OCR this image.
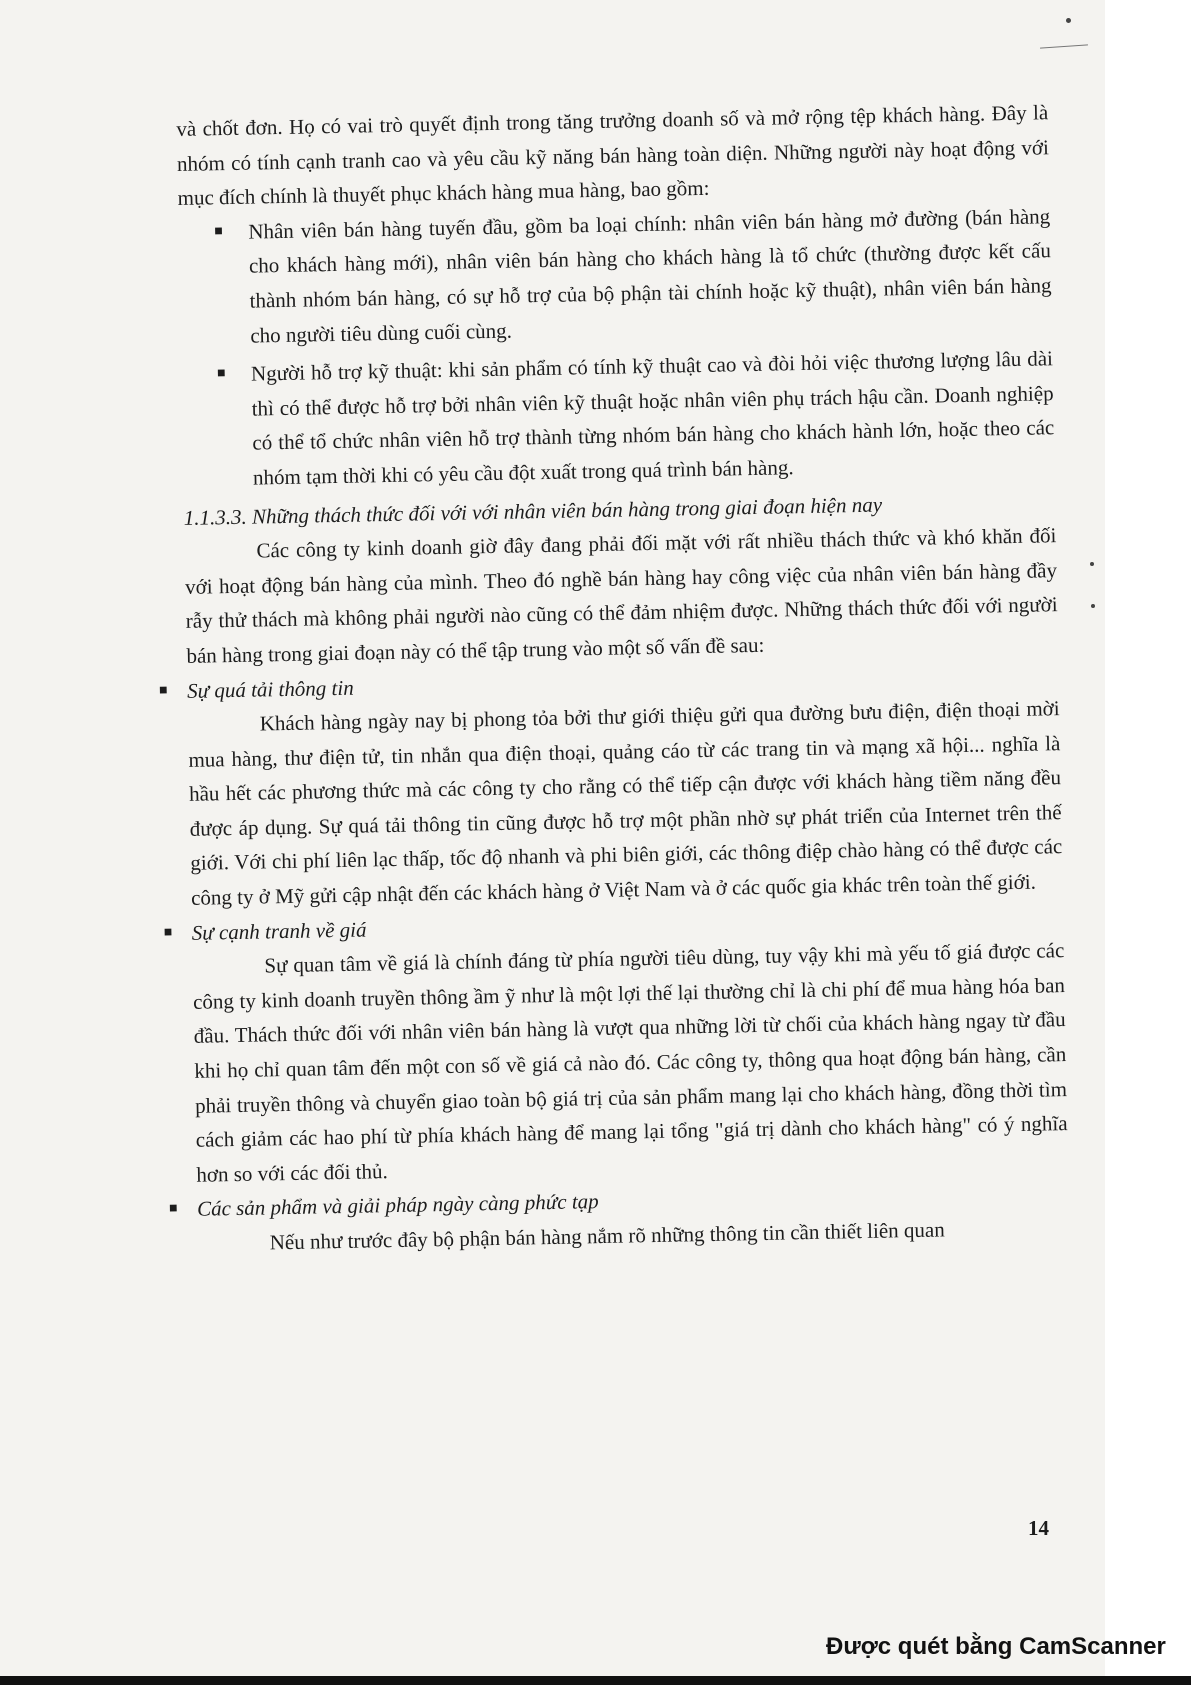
và chốt đơn. Họ có vai trò quyết định trong tăng trưởng doanh số và mở rộng tệp khách hàng. Đây là nhóm có tính cạnh tranh cao và yêu cầu kỹ năng bán hàng toàn diện. Những người này hoạt động với mục đích chính là thuyết phục khách hàng mua hàng, bao gồm:

■ Nhân viên bán hàng tuyến đầu, gồm ba loại chính: nhân viên bán hàng mở đường (bán hàng cho khách hàng mới), nhân viên bán hàng cho khách hàng là tổ chức (thường được kết cấu thành nhóm bán hàng, có sự hỗ trợ của bộ phận tài chính hoặc kỹ thuật), nhân viên bán hàng cho người tiêu dùng cuối cùng.
■ Người hỗ trợ kỹ thuật: khi sản phẩm có tính kỹ thuật cao và đòi hỏi việc thương lượng lâu dài thì có thể được hỗ trợ bởi nhân viên kỹ thuật hoặc nhân viên phụ trách hậu cần. Doanh nghiệp có thể tổ chức nhân viên hỗ trợ thành từng nhóm bán hàng cho khách hành lớn, hoặc theo các nhóm tạm thời khi có yêu cầu đột xuất trong quá trình bán hàng.

1.1.3.3. Những thách thức đối với với nhân viên bán hàng trong giai đoạn hiện nay

Các công ty kinh doanh giờ đây đang phải đối mặt với rất nhiều thách thức và khó khăn đối với hoạt động bán hàng của mình. Theo đó nghề bán hàng hay công việc của nhân viên bán hàng đầy rẫy thử thách mà không phải người nào cũng có thể đảm nhiệm được. Những thách thức đối với người bán hàng trong giai đoạn này có thể tập trung vào một số vấn đề sau:

■ Sự quá tải thông tin

Khách hàng ngày nay bị phong tỏa bởi thư giới thiệu gửi qua đường bưu điện, điện thoại mời mua hàng, thư điện tử, tin nhắn qua điện thoại, quảng cáo từ các trang tin và mạng xã hội... nghĩa là hầu hết các phương thức mà các công ty cho rằng có thể tiếp cận được với khách hàng tiềm năng đều được áp dụng. Sự quá tải thông tin cũng được hỗ trợ một phần nhờ sự phát triển của Internet trên thế giới. Với chi phí liên lạc thấp, tốc độ nhanh và phi biên giới, các thông điệp chào hàng có thể được các công ty ở Mỹ gửi cập nhật đến các khách hàng ở Việt Nam và ở các quốc gia khác trên toàn thế giới.

■ Sự cạnh tranh về giá

Sự quan tâm về giá là chính đáng từ phía người tiêu dùng, tuy vậy khi mà yếu tố giá được các công ty kinh doanh truyền thông ầm ỹ như là một lợi thế lại thường chỉ là chi phí để mua hàng hóa ban đầu. Thách thức đối với nhân viên bán hàng là vượt qua những lời từ chối của khách hàng ngay từ đầu khi họ chỉ quan tâm đến một con số về giá cả nào đó. Các công ty, thông qua hoạt động bán hàng, cần phải truyền thông và chuyển giao toàn bộ giá trị của sản phẩm mang lại cho khách hàng, đồng thời tìm cách giảm các hao phí từ phía khách hàng để mang lại tổng "giá trị dành cho khách hàng" có ý nghĩa hơn so với các đối thủ.

■ Các sản phẩm và giải pháp ngày càng phức tạp

Nếu như trước đây bộ phận bán hàng nắm rõ những thông tin cần thiết liên quan

14
Được quét bằng CamScanner
